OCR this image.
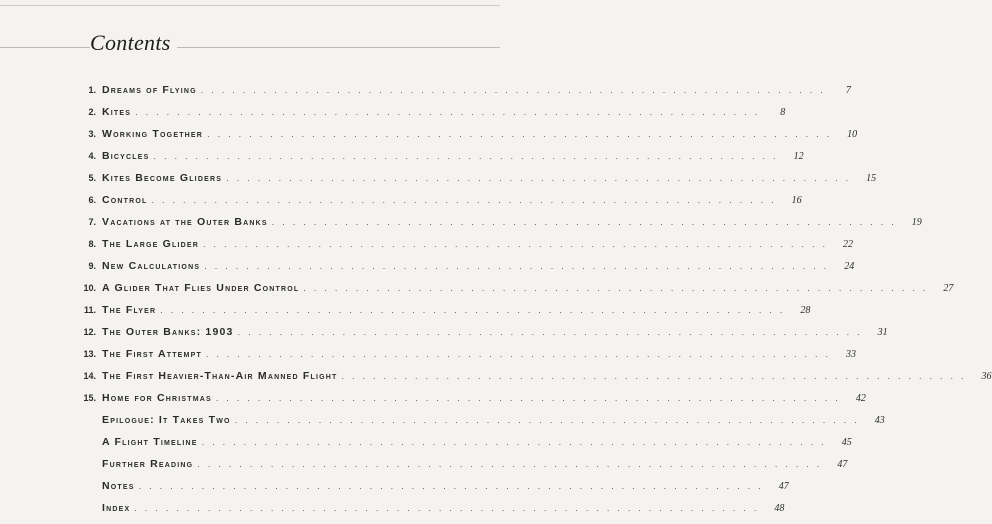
Contents
1. Dreams of Flying ............................................................	7
2. Kites ............................................................	8
3. Working Together ............................................................	10
4. Bicycles ............................................................	12
5. Kites Become Gliders ............................................................	15
6. Control ............................................................	16
7. Vacations at the Outer Banks ............................................................	19
8. The Large Glider ............................................................	22
9. New Calculations ............................................................	24
10. A Glider That Flies Under Control ............................................................	27
11. The Flyer ............................................................	28
12. The Outer Banks: 1903 ............................................................	31
13. The First Attempt ............................................................	33
14. The First Heavier-Than-Air Manned Flight ............................................................	36
15. Home for Christmas ............................................................	42
Epilogue: It Takes Two ............................................................	43
A Flight Timeline ............................................................	45
Further Reading ............................................................	47
Notes ............................................................	47
Index ............................................................	48
